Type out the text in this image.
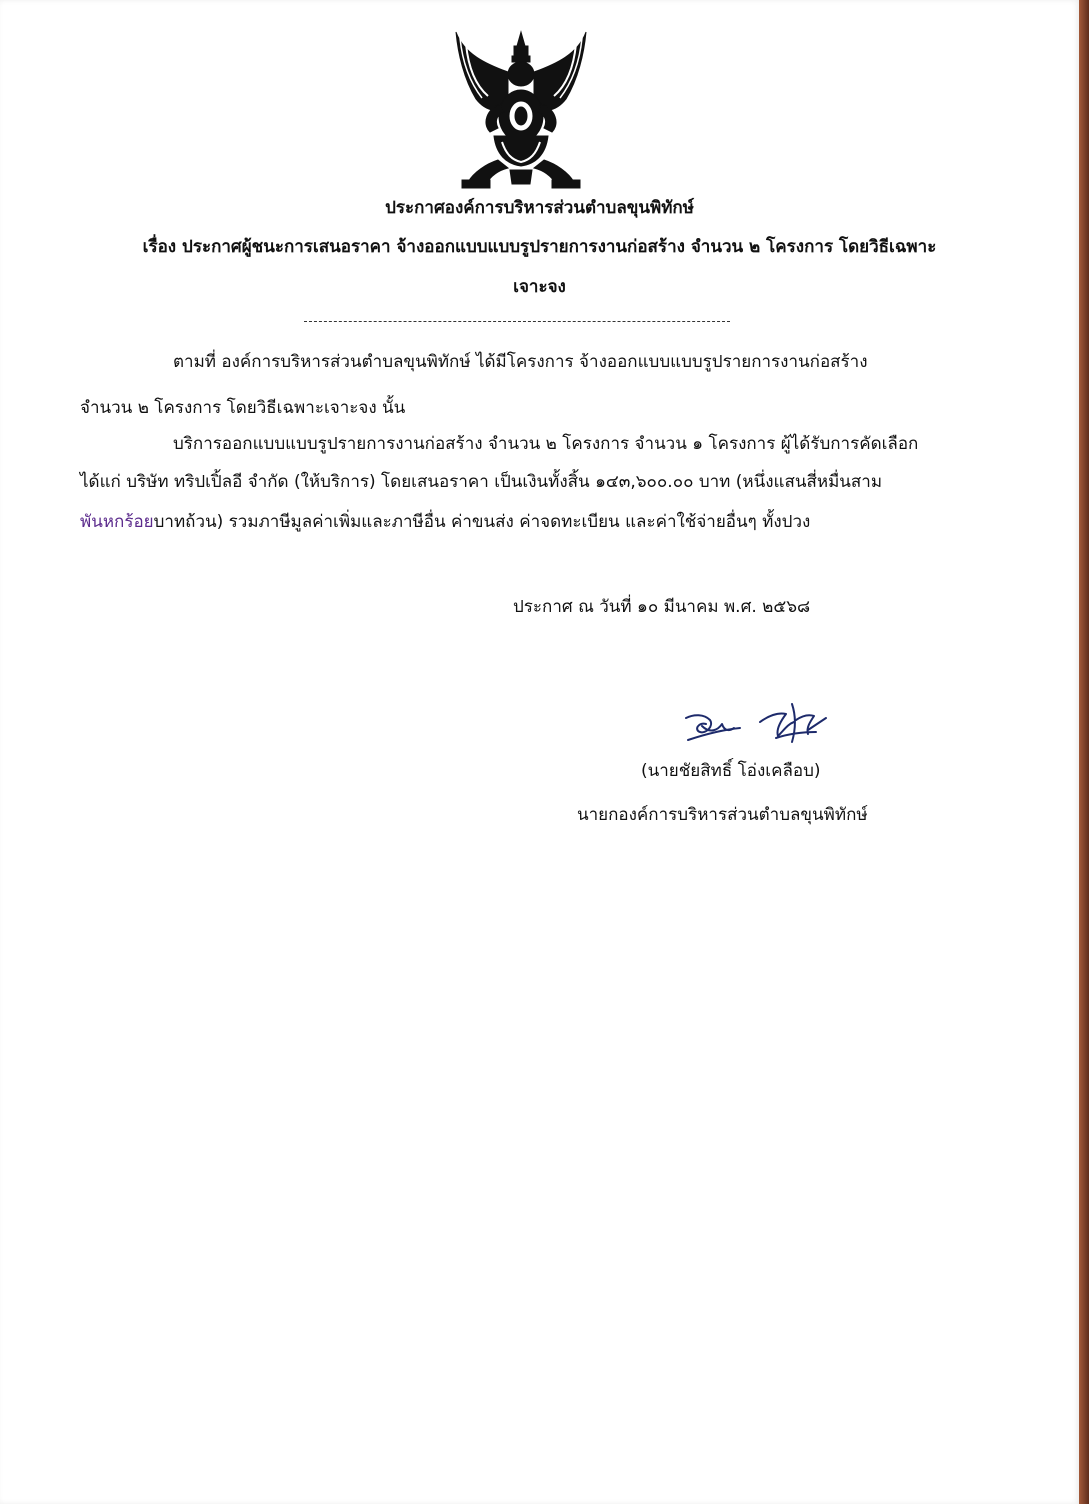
ประกาศองค์การบริหารส่วนตำบลขุนพิทักษ์
เรื่อง ประกาศผู้ชนะการเสนอราคา จ้างออกแบบแบบรูปรายการงานก่อสร้าง จำนวน ๒ โครงการ โดยวิธีเฉพาะ
เจาะจง
ตามที่ องค์การบริหารส่วนตำบลขุนพิทักษ์ ได้มีโครงการ จ้างออกแบบแบบรูปรายการงานก่อสร้าง
จำนวน ๒ โครงการ โดยวิธีเฉพาะเจาะจง นั้น
บริการออกแบบแบบรูปรายการงานก่อสร้าง จำนวน ๒ โครงการ จำนวน ๑ โครงการ ผู้ได้รับการคัดเลือก
ได้แก่ บริษัท ทริปเปิ้ลอี จำกัด (ให้บริการ) โดยเสนอราคา เป็นเงินทั้งสิ้น ๑๔๓,๖๐๐.๐๐ บาท (หนึ่งแสนสี่หมื่นสาม
พันหกร้อยบาทถ้วน) รวมภาษีมูลค่าเพิ่มและภาษีอื่น ค่าขนส่ง ค่าจดทะเบียน และค่าใช้จ่ายอื่นๆ ทั้งปวง
ประกาศ ณ วันที่ ๑๐ มีนาคม พ.ศ. ๒๕๖๘
(นายชัยสิทธิ์ โอ่งเคลือบ)
นายกองค์การบริหารส่วนตำบลขุนพิทักษ์
